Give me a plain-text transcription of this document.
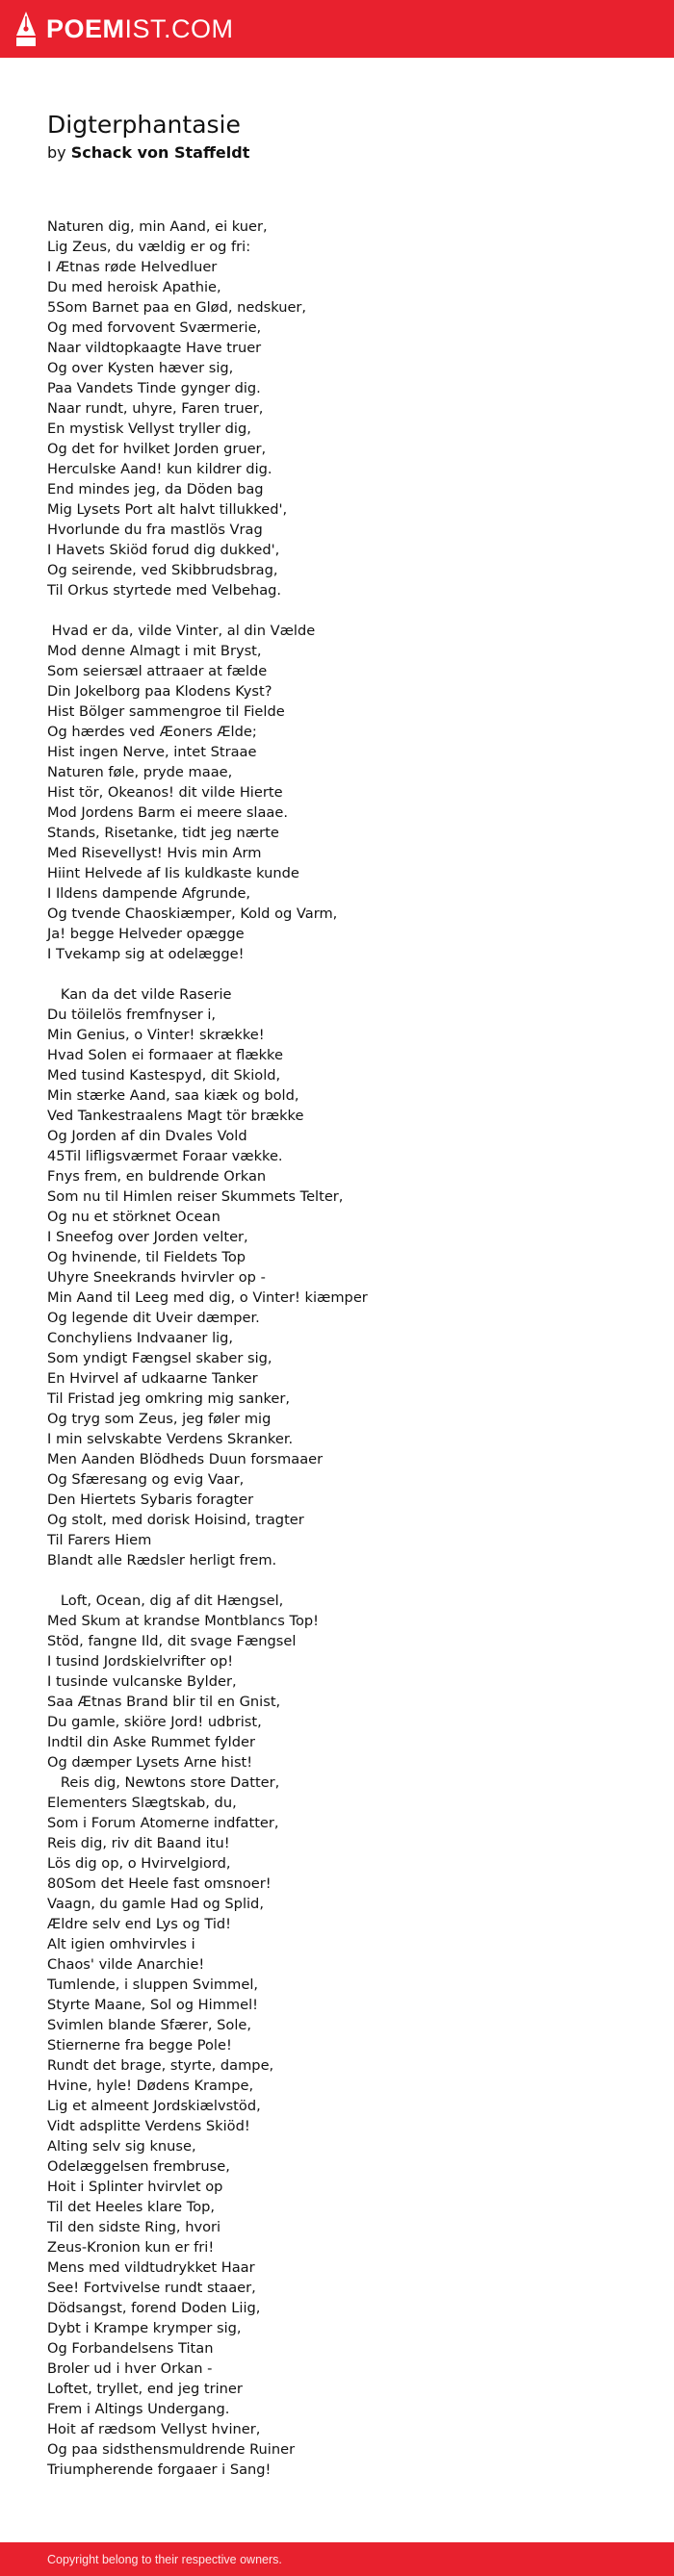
POEMIST.COM
Digterphantasie
by Schack von Staffeldt
Naturen dig, min Aand, ei kuer,
Lig Zeus, du vældig er og fri:
I Ætnas røde Helvedluer
Du med heroisk Apathie,
5Som Barnet paa en Glød, nedskuer,
Og med forvovent Sværmerie,
Naar vildtopkaagte Have truer
Og over Kysten hæver sig,
Paa Vandets Tinde gynger dig.
Naar rundt, uhyre, Faren truer,
En mystisk Vellyst tryller dig,
Og det for hvilket Jorden gruer,
Herculske Aand! kun kildrer dig.
End mindes jeg, da Döden bag
Mig Lysets Port alt halvt tillukked',
Hvorlunde du fra mastlös Vrag
I Havets Skiöd forud dig dukked',
Og seirende, ved Skibbrudsbrag,
Til Orkus styrtede med Velbehag.
Hvad er da, vilde Vinter, al din Vælde
Mod denne Almagt i mit Bryst,
Som seiersæl attraaer at fælde
Din Jokelborg paa Klodens Kyst?
Hist Bölger sammengroe til Fielde
Og hærdes ved Æoners Ælde;
Hist ingen Nerve, intet Straae
Naturen føle, pryde maae,
Hist tör, Okeanos! dit vilde Hierte
Mod Jordens Barm ei meere slaae.
Stands, Risetanke, tidt jeg nærte
Med Risevellyst! Hvis min Arm
Hiint Helvede af Iis kuldkaste kunde
I Ildens dampende Afgrunde,
Og tvende Chaoskiæmper, Kold og Varm,
Ja! begge Helveder opægge
I Tvekamp sig at odelægge!
Kan da det vilde Raserie
Du töilelös fremfnyser i,
Min Genius, o Vinter! skrække!
Hvad Solen ei formaaer at flække
Med tusind Kastespyd, dit Skiold,
Min stærke Aand, saa kiæk og bold,
Ved Tankestraalens Magt tör brække
Og Jorden af din Dvales Vold
45Til lifligsværmet Foraar vække.
Fnys frem, en buldrende Orkan
Som nu til Himlen reiser Skummets Telter,
Og nu et störknet Ocean
I Sneefog over Jorden velter,
Og hvinende, til Fieldets Top
Uhyre Sneekrands hvirvler op -
Min Aand til Leeg med dig, o Vinter! kiæmper
Og legende dit Uveir dæmper.
Conchyliens Indvaaner lig,
Som yndigt Fængsel skaber sig,
En Hvirvel af udkaarne Tanker
Til Fristad jeg omkring mig sanker,
Og tryg som Zeus, jeg føler mig
I min selvskabte Verdens Skranker.
Men Aanden Blödheds Duun forsmaaer
Og Sfæresang og evig Vaar,
Den Hiertets Sybaris foragter
Og stolt, med dorisk Hoisind, tragter
Til Farers Hiem
Blandt alle Rædsler herligt frem.
Loft, Ocean, dig af dit Hængsel,
Med Skum at krandse Montblancs Top!
Stöd, fangne Ild, dit svage Fængsel
I tusind Jordskielvrifter op!
I tusinde vulcanske Bylder,
Saa Ætnas Brand blir til en Gnist,
Du gamle, skiöre Jord! udbrist,
Indtil din Aske Rummet fylder
Og dæmper Lysets Arne hist!
Reis dig, Newtons store Datter,
Elementers Slægtskab, du,
Som i Forum Atomerne indfatter,
Reis dig, riv dit Baand itu!
Lös dig op, o Hvirvelgiord,
80Som det Heele fast omsnoer!
Vaagn, du gamle Had og Splid,
Ældre selv end Lys og Tid!
Alt igien omhvirvles i
Chaos' vilde Anarchie!
Tumlende, i sluppen Svimmel,
Styrte Maane, Sol og Himmel!
Svimlen blande Sfærer, Sole,
Stiernerne fra begge Pole!
Rundt det brage, styrte, dampe,
Hvine, hyle! Dødens Krampe,
Lig et almeent Jordskiælvstöd,
Vidt adsplitte Verdens Skiöd!
Alting selv sig knuse,
Odelæggelsen frembruse,
Hoit i Splinter hvirvlet op
Til det Heeles klare Top,
Til den sidste Ring, hvori
Zeus-Kronion kun er fri!
Mens med vildtudrykket Haar
See! Fortvivelse rundt staaer,
Dödsangst, forend Doden Liig,
Dybt i Krampe krymper sig,
Og Forbandelsens Titan
Broler ud i hver Orkan -
Loftet, tryllet, end jeg triner
Frem i Altings Undergang.
Hoit af rædsom Vellyst hviner,
Og paa sidsthensmuldrende Ruiner
Triumpherende forgaaer i Sang!
Copyright belong to their respective owners.
